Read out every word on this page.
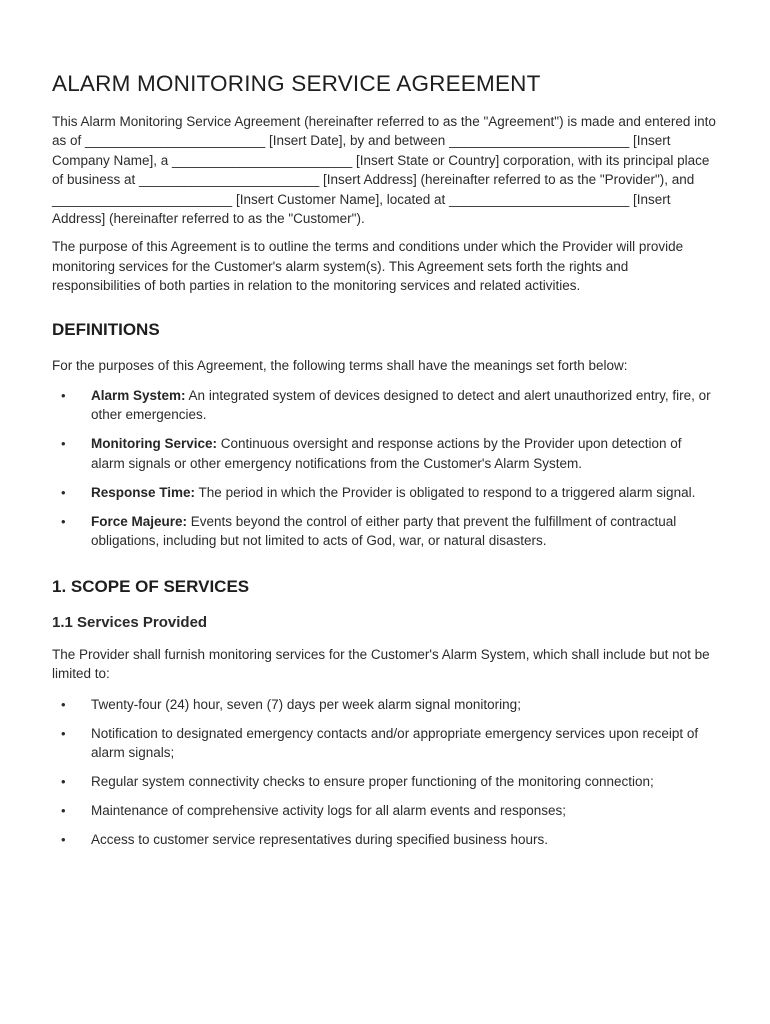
ALARM MONITORING SERVICE AGREEMENT

This Alarm Monitoring Service Agreement (hereinafter referred to as the "Agreement") is made and entered into as of ________________________ [Insert Date], by and between ________________________ [Insert Company Name], a ________________________ [Insert State or Country] corporation, with its principal place of business at ________________________ [Insert Address] (hereinafter referred to as the "Provider"), and ________________________ [Insert Customer Name], located at ________________________ [Insert Address] (hereinafter referred to as the "Customer").

The purpose of this Agreement is to outline the terms and conditions under which the Provider will provide monitoring services for the Customer's alarm system(s). This Agreement sets forth the rights and responsibilities of both parties in relation to the monitoring services and related activities.

DEFINITIONS

For the purposes of this Agreement, the following terms shall have the meanings set forth below:

• Alarm System: An integrated system of devices designed to detect and alert unauthorized entry, fire, or other emergencies.
• Monitoring Service: Continuous oversight and response actions by the Provider upon detection of alarm signals or other emergency notifications from the Customer's Alarm System.
• Response Time: The period in which the Provider is obligated to respond to a triggered alarm signal.
• Force Majeure: Events beyond the control of either party that prevent the fulfillment of contractual obligations, including but not limited to acts of God, war, or natural disasters.
1. SCOPE OF SERVICES
1.1 Services Provided

The Provider shall furnish monitoring services for the Customer's Alarm System, which shall include but not be limited to:

• Twenty-four (24) hour, seven (7) days per week alarm signal monitoring;
• Notification to designated emergency contacts and/or appropriate emergency services upon receipt of alarm signals;
• Regular system connectivity checks to ensure proper functioning of the monitoring connection;
• Maintenance of comprehensive activity logs for all alarm events and responses;
• Access to customer service representatives during specified business hours.
